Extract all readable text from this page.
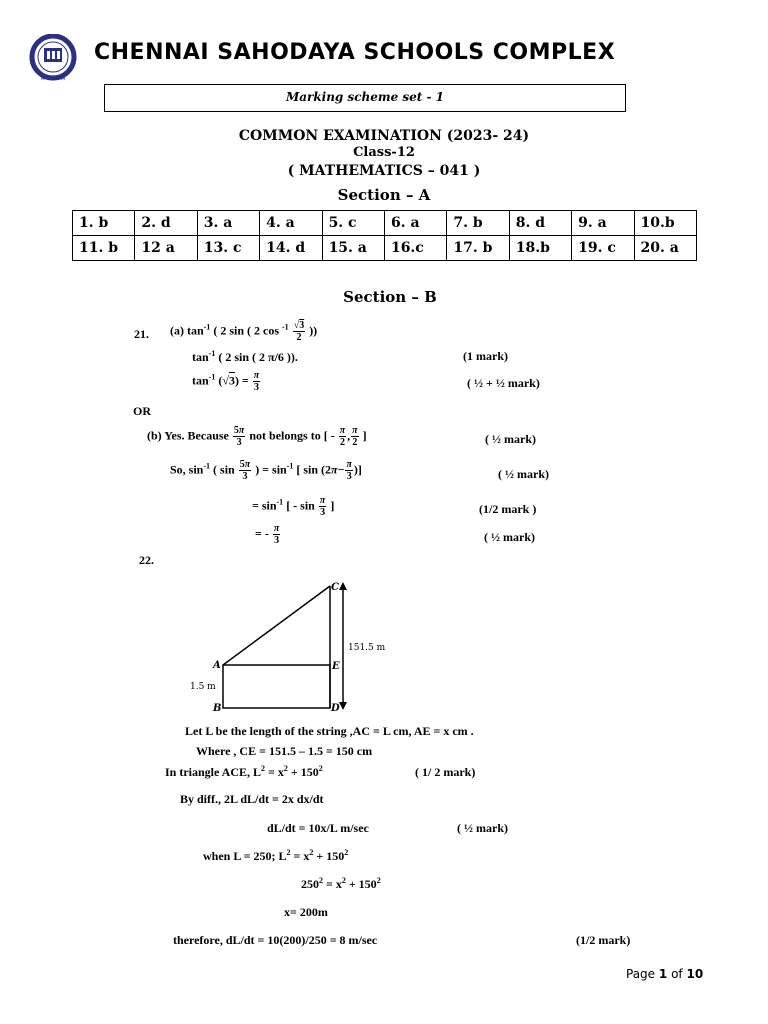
सत्यमेव जयते
CHENNAI SAHODAYA SCHOOLS COMPLEX
Marking scheme set - 1
COMMON EXAMINATION (2023- 24)
Class-12
( MATHEMATICS – 041 )
Section – A
1. b	2. d	3. a	4. a	5. c	6. a	7. b	8. d	9. a	10.b
11. b	12 a	13. c	14. d	15. a	16.c	17. b	18.b	19. c	20. a
Section – B
21. (a) $\tan^{-1}$ ( 2 sin ( 2 $\cos ^{-1} \frac{√3}{2}$ ))
$\tan^{-1}$ ( 2 sin ( 2 π/6 )).	(1 mark)
$\tan^{-1} (√3) = \frac{\pi}{3}$	( ½ + ½ mark)
OR
(b) Yes. Because $\frac{5\pi}{3}$ not belongs to [ - $\frac{\pi}{2}$ , $\frac{\pi}{2}$ ]	( ½ mark)
So, $\sin^{-1}$ ( $\sin \frac{5\pi}{3}$ ) = $\sin^{-1}$ [ $\sin (2\pi- \frac{\pi}{3}$ )]	( ½ mark)
= $\sin^{-1}$ [ - $\sin \frac{\pi}{3}$ ]	(1/2 mark )
= - $\frac{\pi}{3}$	( ½ mark)
22.
C
A	E
B	D
151.5 m
1.5 m
Let L be the length of the string ,AC = L cm, AE = x cm .
Where , CE = 151.5 – 1.5 = 150 cm
In triangle ACE, $L^2 = x^2 + 150^2$	( 1/ 2 mark)
By diff., 2L dL/dt = 2x dx/dt
dL/dt = 10x/L m/sec	( ½ mark)
when L = 250; $L^2 = x^2 + 150^2$
$250^2 = x^2 + 150^2$
x= 200m
therefore, dL/dt = 10(200)/250 = 8 m/sec	(1/2 mark)
Page 1 of 10
